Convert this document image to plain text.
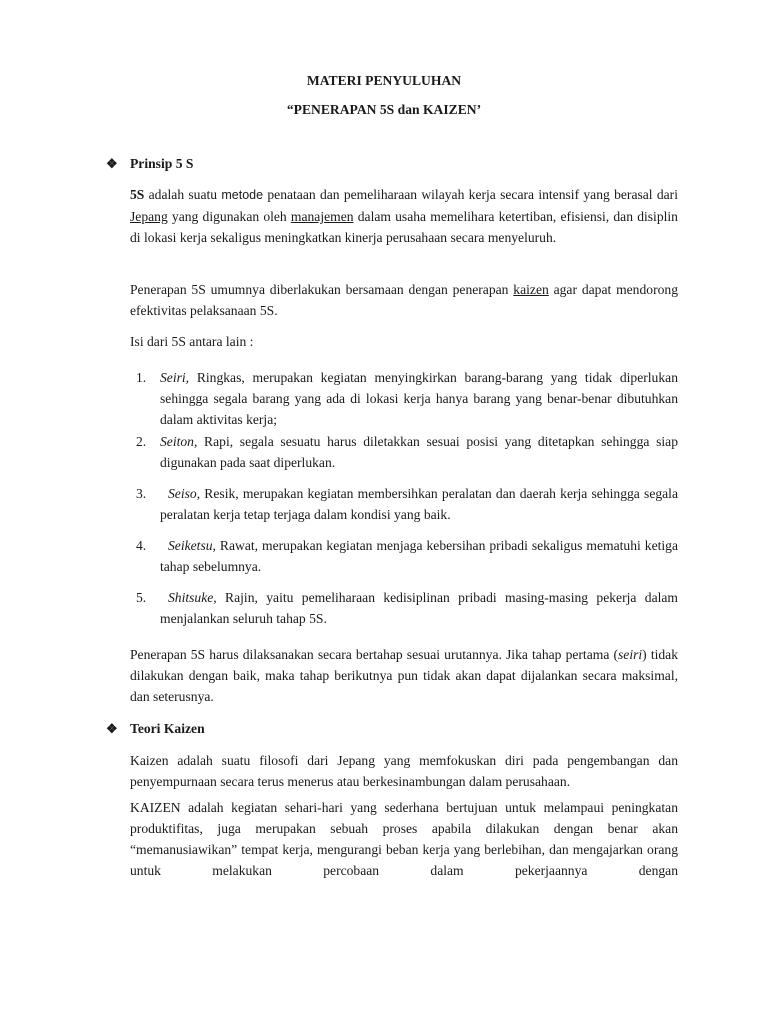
MATERI PENYULUHAN
“PENERAPAN 5S dan KAIZEN’
❖ Prinsip 5 S
5S adalah suatu metode penataan dan pemeliharaan wilayah kerja secara intensif yang berasal dari Jepang yang digunakan oleh manajemen dalam usaha memelihara ketertiban, efisiensi, dan disiplin di lokasi kerja sekaligus meningkatkan kinerja perusahaan secara menyeluruh.
Penerapan 5S umumnya diberlakukan bersamaan dengan penerapan kaizen agar dapat mendorong efektivitas pelaksanaan 5S.
Isi dari 5S antara lain :
1. Seiri, Ringkas, merupakan kegiatan menyingkirkan barang-barang yang tidak diperlukan sehingga segala barang yang ada di lokasi kerja hanya barang yang benar-benar dibutuhkan dalam aktivitas kerja;
2. Seiton, Rapi, segala sesuatu harus diletakkan sesuai posisi yang ditetapkan sehingga siap digunakan pada saat diperlukan.
3.	Seiso, Resik, merupakan kegiatan membersihkan peralatan dan daerah kerja sehingga segala peralatan kerja tetap terjaga dalam kondisi yang baik.
4.	Seiketsu, Rawat, merupakan kegiatan menjaga kebersihan pribadi sekaligus mematuhi ketiga tahap sebelumnya.
5.	Shitsuke, Rajin, yaitu pemeliharaan kedisiplinan pribadi masing-masing pekerja dalam menjalankan seluruh tahap 5S.
Penerapan 5S harus dilaksanakan secara bertahap sesuai urutannya. Jika tahap pertama (seiri) tidak dilakukan dengan baik, maka tahap berikutnya pun tidak akan dapat dijalankan secara maksimal, dan seterusnya.
❖ Teori Kaizen
Kaizen adalah suatu filosofi dari Jepang yang memfokuskan diri pada pengembangan dan penyempurnaan secara terus menerus atau berkesinambungan dalam perusahaan.
KAIZEN adalah kegiatan sehari-hari yang sederhana bertujuan untuk melampaui peningkatan produktifitas, juga merupakan sebuah proses apabila dilakukan dengan benar akan “memanusiawikan” tempat kerja, mengurangi beban kerja yang berlebihan, dan mengajarkan orang untuk melakukan percobaan dalam pekerjaannya dengan
